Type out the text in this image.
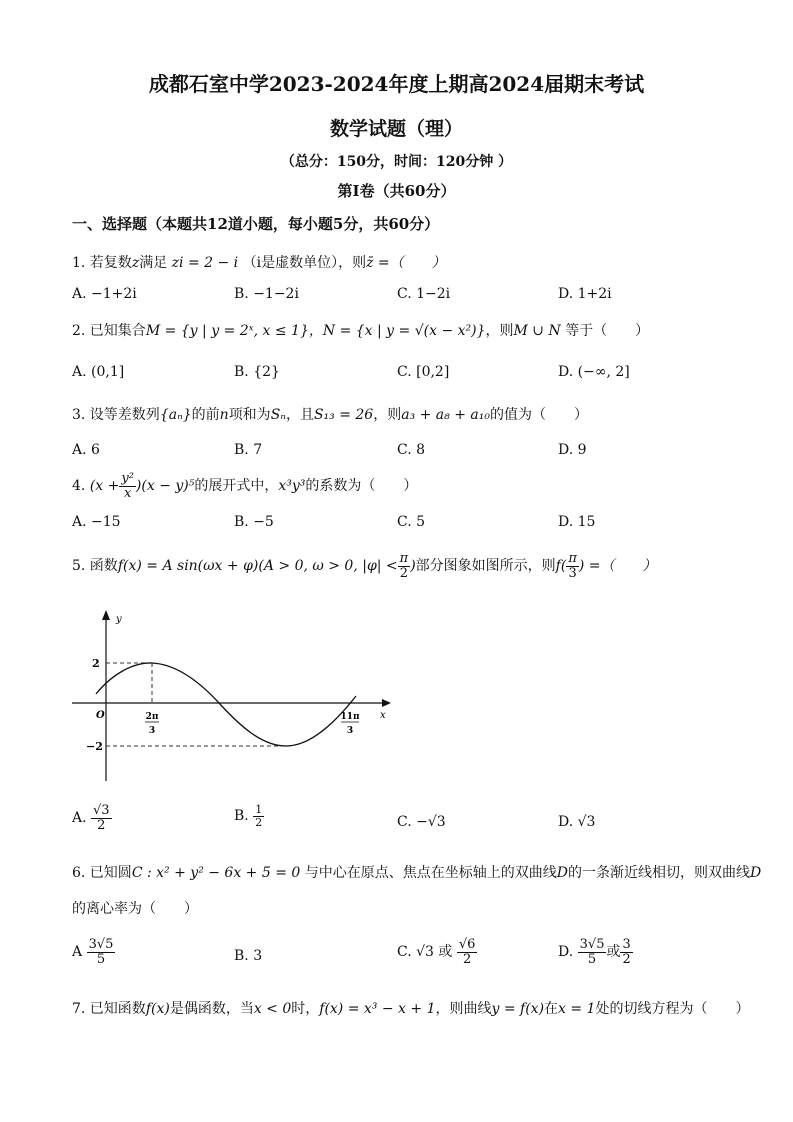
成都石室中学2023-2024年度上期高2024届期末考试
数学试题（理）
（总分：150分，时间：120分钟 ）
第Ⅰ卷（共60分）
一、选择题（本题共12道小题，每小题5分，共60分）
1. 若复数z满足 zi = 2 − i （i是虚数单位），则z̄ =（　　）
A. −1+2i	B. −1−2i	C. 1−2i	D. 1+2i
2. 已知集合M = {y | y = 2ˣ, x ≤ 1}，N = {x | y = √(x − x²)}，则M ∪ N 等于（　　）
A. (0,1]	B. {2}	C. [0,2]	D. (−∞, 2]
3. 设等差数列{aₙ}的前n项和为Sₙ，且S₁₃ = 26，则a₃ + a₈ + a₁₀的值为（　　）
A. 6	B. 7	C. 8	D. 9
4. $(x + \frac{\text{y²}}{x} )(x - y)^5$的展开式中，x³y³的系数为（　　）
A. −15	B. −5	C. 5	D. 15
5. 函数f(x) = A sin(ωx + φ)(A > 0, ω > 0, $|\varphi| < \frac{\pi}{2}$ )部分图象如图所示，则$f( \frac{\pi}{3}$ ) =（　　）
y
x
O
2
−2
2π
3
11π
3
A. $\frac{√3}{2}$	B. $\frac{1}{2}$	C. −√3	D. √3
6. 已知圆C : x² + y² − 6x + 5 = 0 与中心在原点、焦点在坐标轴上的双曲线D的一条渐近线相切，则双曲线D
的离心率为（　　）
A $\frac{3√5}{5}$	B. 3	C. √3 或 $\frac{√6}{2}$	D. $\frac{3√5}{5}$ 或 $\frac{3}{2}$
7. 已知函数f(x)是偶函数，当x < 0时，f(x) = x³ − x + 1，则曲线y = f(x)在x = 1处的切线方程为（　　）
